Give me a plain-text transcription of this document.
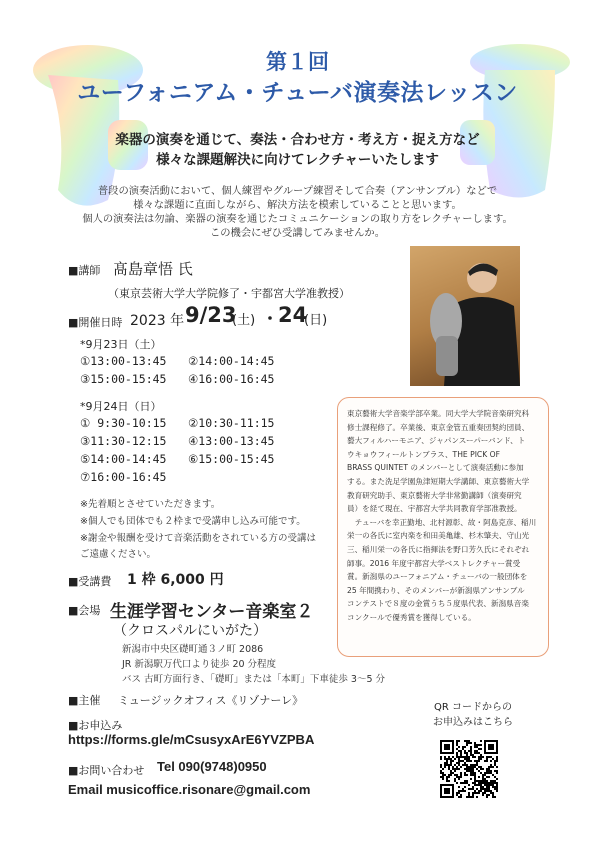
第１回
ユーフォニアム・チューバ演奏法レッスン
楽器の演奏を通じて、奏法・合わせ方・考え方・捉え方など
様々な課題解決に向けてレクチャーいたします
普段の演奏活動において、個人練習やグループ練習そして合奏（アンサンブル）などで
様々な課題に直面しながら、解決方法を模索していることと思います。
個人の演奏法は勿論、楽器の演奏を通じたコミュニケーションの取り方をレクチャーします。
この機会にぜひ受講してみませんか。
■講師 髙島章悟 氏
（東京芸術大学大学院修了・宇都宮大学准教授）
■開催日時 2023 年 9/23
(土) ・ 24
(日)
*9月23日（土）
①13:00-13:45 ②14:00-14:45
③15:00-15:45 ④16:00-16:45
*9月24日（日）
① 9:30-10:15 ②10:30-11:15
③11:30-12:15 ④13:00-13:45
⑤14:00-14:45 ⑥15:00-15:45
⑦16:00-16:45
※先着順とさせていただきます。
※個人でも団体でも２枠まで受講申し込み可能です。
※謝金や報酬を受けて音楽活動をされている方の受講は
ご遠慮ください。
■受講費 1 枠 6,000 円
■会場 生涯学習センター音楽室２
（クロスパルにいがた）
新潟市中央区礎町通３ノ町 2086
JR 新潟駅万代口より徒歩 20 分程度
バス 古町方面行き、「礎町」または「本町」下車徒歩 3～5 分
■主催 ミュージックオフィス《リゾナーレ》
■お申込み
https://forms.gle/mCsusyxArE6YVZPBA
■お問い合わせ Tel 090(9748)0950
Email musicoffice.risonare@gmail.com
東京藝術大学音楽学部卒業。同大学大学院音楽研究科
修士課程修了。卒業後、東京金管五重奏団契約団員、
藝大フィルハーモニア、ジャパンスーパーバンド、ト
ウキョウフィールトンブラス、THE PICK OF
BRASS QUINTET のメンバーとして演奏活動に参加
する。また洗足学園魚津短期大学講師、東京藝術大学
教育研究助手、東京藝術大学非常勤講師（演奏研究
員）を経て現在、宇都宮大学共同教育学部准教授。
　テューバを幸正勤地、北村源彰、故・阿島克彦、稲川
栄一の各氏に室内楽を和田美亀雄、杉木肇夫、守山光
三、稲川栄一の各氏に指揮法を野口芳久氏にそれぞれ
師事。2016 年度宇都宮大学ベストレクチャー賞受
賞。新潟県のユーフォニアム・チューバの一般団体を
25 年間携わり、そのメンバーが新潟県アンサンブル
コンテストで８度の金賞うち５度県代表、新潟県音楽
コンクールで優秀賞を獲得している。
QR コードからの
お申込みはこちら
